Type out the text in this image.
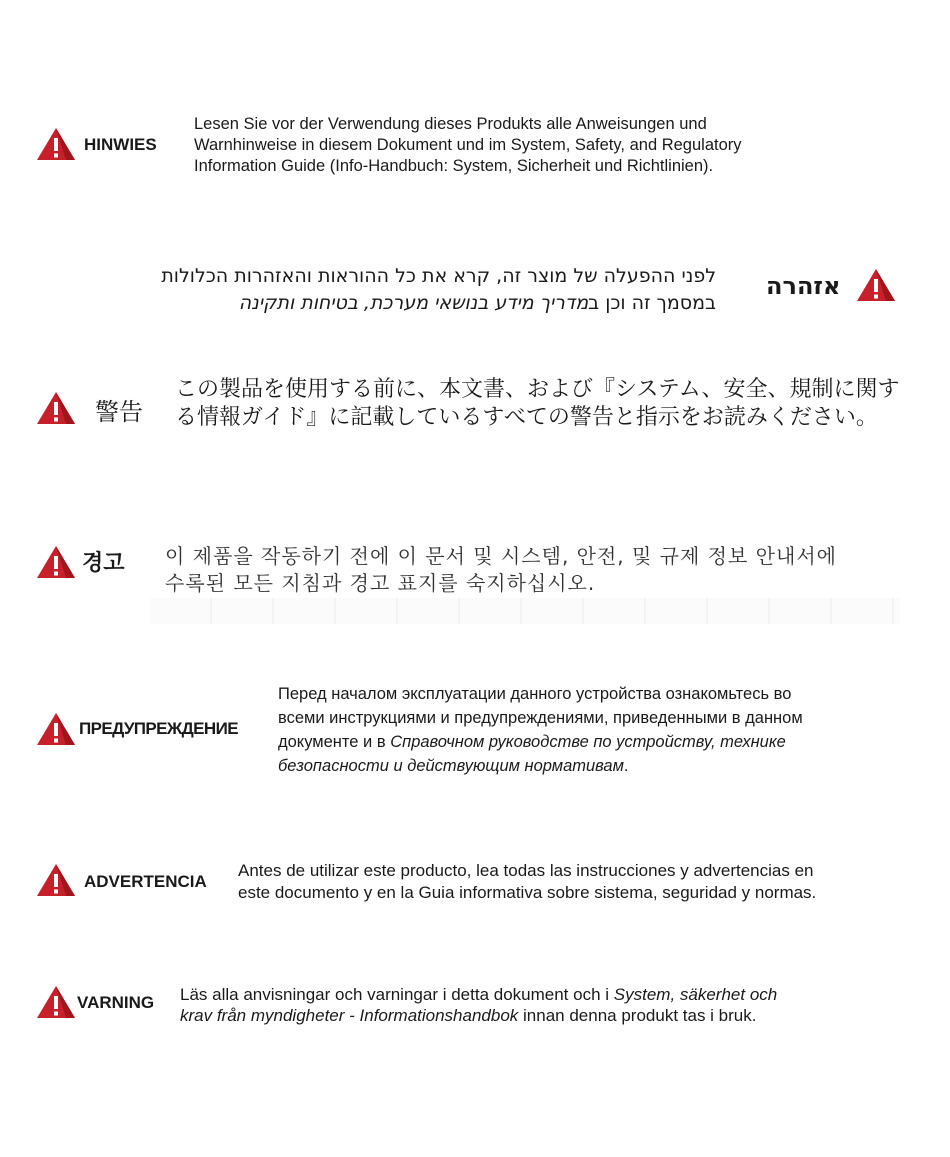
HINWIES
Lesen Sie vor der Verwendung dieses Produkts alle Anweisungen und
Warnhinweise in diesem Dokument und im System, Safety, and Regulatory
Information Guide (Info-Handbuch: System, Sicherheit und Richtlinien).
אזהרה
לפני ההפעלה של מוצר זה, קרא את כל ההוראות והאזהרות הכלולות
במסמך זה וכן במדריך מידע בנושאי מערכת, בטיחות ותקינה
警告
この製品を使用する前に、本文書、および『システム、安全、規制に関す
る情報ガイド』に記載しているすべての警告と指示をお読みください。
경고 이 제품을 작동하기 전에 이 문서 및 시스템, 안전, 및 규제 정보 안내서에
수록된 모든 지침과 경고 표지를 숙지하십시오.
ПРЕДУПРЕЖДЕНИЕ
Перед началом эксплуатации данного устройства ознакомьтесь во
всеми инструкциями и предупреждениями, приведенными в данном
документе и в Справочном руководстве по устройству, технике
безопасности и действующим нормативам.
ADVERTENCIA
Antes de utilizar este producto, lea todas las instrucciones y advertencias en
este documento y en la Guia informativa sobre sistema, seguridad y normas.
VARNING Läs alla anvisningar och varningar i detta dokument och i System, säkerhet och
krav från myndigheter - Informationshandbok innan denna produkt tas i bruk.
